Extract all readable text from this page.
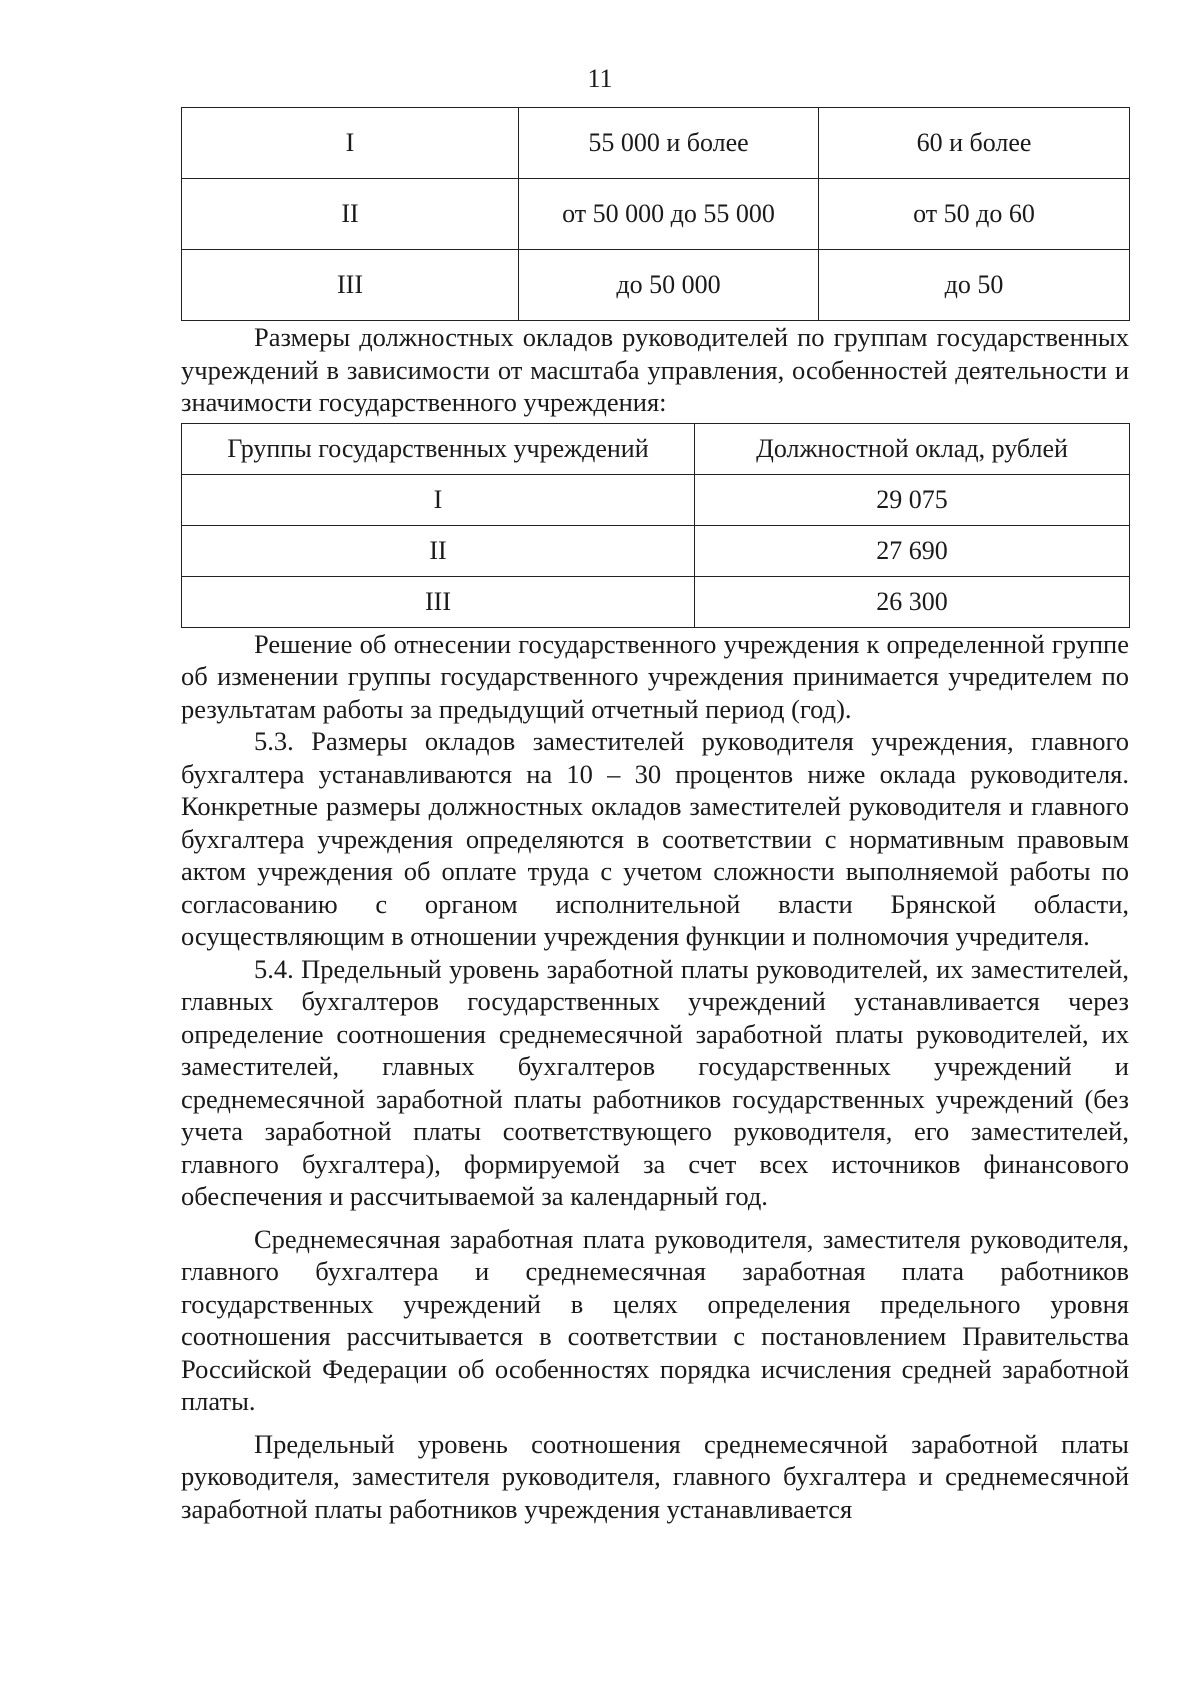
11
I	55 000 и более	60 и более
II	от 50 000 до 55 000	от 50 до 60
III	до 50 000	до 50

Размеры должностных окладов руководителей по группам государственных учреждений в зависимости от масштаба управления, особенностей деятельности и значимости государственного учреждения:

Группы государственных учреждений	Должностной оклад, рублей
I	29 075
II	27 690
III	26 300

Решение об отнесении государственного учреждения к определенной группе об изменении группы государственного учреждения принимается учредителем по результатам работы за предыдущий отчетный период (год).

5.3. Размеры окладов заместителей руководителя учреждения, главного бухгалтера устанавливаются на 10 – 30 процентов ниже оклада руководителя. Конкретные размеры должностных окладов заместителей руководителя и главного бухгалтера учреждения определяются в соответствии с нормативным правовым актом учреждения об оплате труда с учетом сложности выполняемой работы по согласованию с органом исполнительной власти Брянской области, осуществляющим в отношении учреждения функции и полномочия учредителя.

5.4. Предельный уровень заработной платы руководителей, их заместителей, главных бухгалтеров государственных учреждений устанавливается через определение соотношения среднемесячной заработной платы руководителей, их заместителей, главных бухгалтеров государственных учреждений и среднемесячной заработной платы работников государственных учреждений (без учета заработной платы соответствующего руководителя, его заместителей, главного бухгалтера), формируемой за счет всех источников финансового обеспечения и рассчитываемой за календарный год.

Среднемесячная заработная плата руководителя, заместителя руководителя, главного бухгалтера и среднемесячная заработная плата работников государственных учреждений в целях определения предельного уровня соотношения рассчитывается в соответствии с постановлением Правительства Российской Федерации об особенностях порядка исчисления средней заработной платы.

Предельный уровень соотношения среднемесячной заработной платы руководителя, заместителя руководителя, главного бухгалтера и среднемесячной заработной платы работников учреждения устанавливается
